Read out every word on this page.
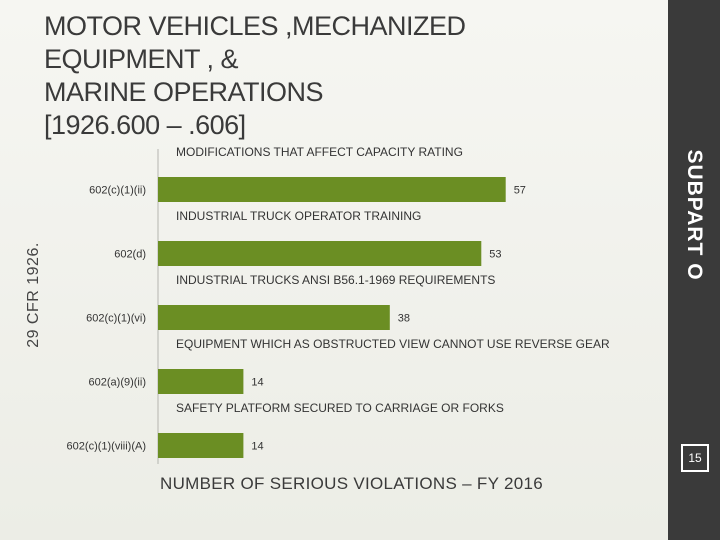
MOTOR VEHICLES ,MECHANIZED EQUIPMENT , &
MARINE OPERATIONS
[1926.600 – .606]
SUBPART O
15
29 CFR 1926.
MODIFICATIONS THAT AFFECT CAPACITY RATING
602(c)(1)(ii)	57
INDUSTRIAL TRUCK OPERATOR TRAINING
602(d)	53
INDUSTRIAL TRUCKS ANSI B56.1-1969 REQUIREMENTS
602(c)(1)(vi)	38
EQUIPMENT WHICH AS OBSTRUCTED VIEW CANNOT USE REVERSE GEAR
602(a)(9)(ii)	14
SAFETY PLATFORM SECURED TO CARRIAGE OR FORKS
602(c)(1)(viii)(A)	14
NUMBER OF SERIOUS VIOLATIONS – FY 2016
